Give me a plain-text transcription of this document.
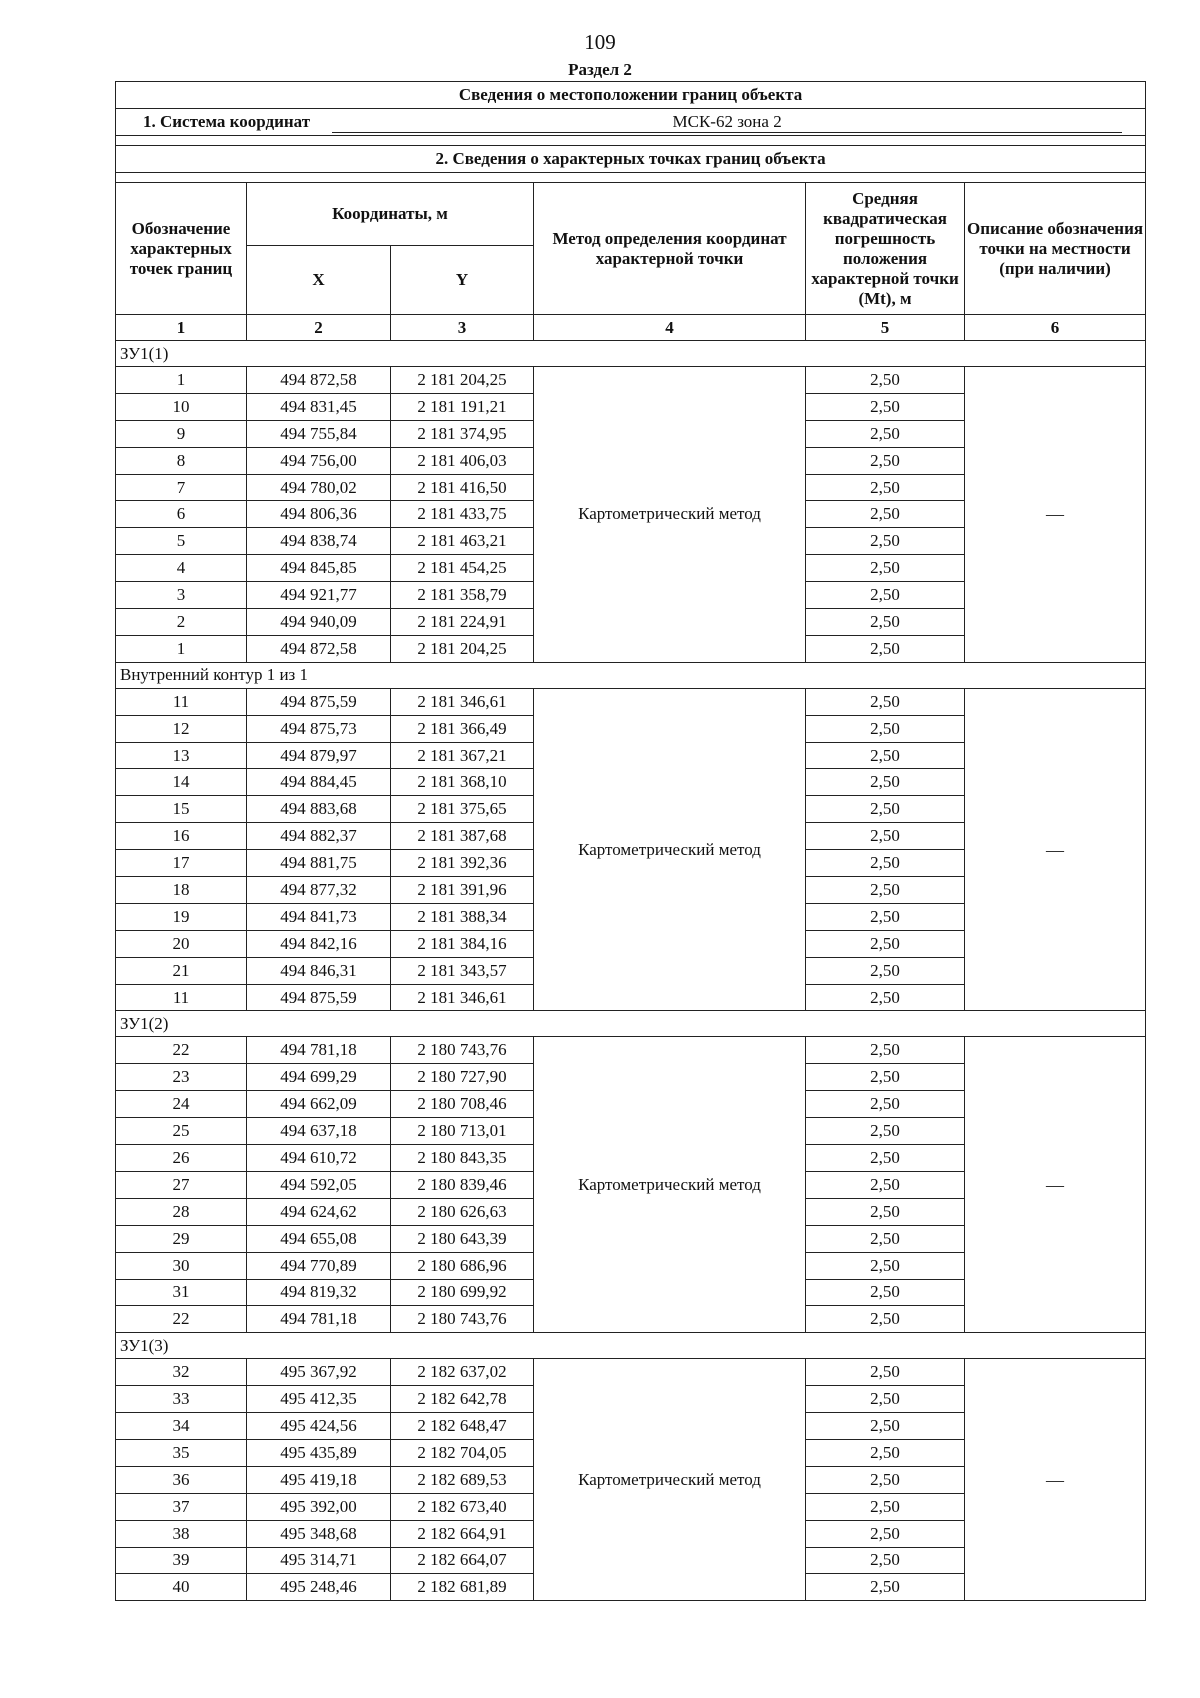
109
Раздел 2
Сведения о местоположении границ объекта					
1. Система координат МСК-62 зона 2					

2. Сведения о характерных точках границ объекта					

Обозначение характерных точек границ	Координаты, м		Метод определения координат характерной точки	Средняя квадратическая погрешность положения характерной точки (Mt), м	Описание обозначения точки на местности (при наличии)
	X	Y			
1	2	3	4	5	6
ЗУ1(1)					
1	494 872,58	2 181 204,25	Картометрический метод	2,50	—
10	494 831,45	2 181 191,21		2,50	
9	494 755,84	2 181 374,95		2,50	
8	494 756,00	2 181 406,03		2,50	
7	494 780,02	2 181 416,50		2,50	
6	494 806,36	2 181 433,75		2,50	
5	494 838,74	2 181 463,21		2,50	
4	494 845,85	2 181 454,25		2,50	
3	494 921,77	2 181 358,79		2,50	
2	494 940,09	2 181 224,91		2,50	
1	494 872,58	2 181 204,25		2,50	
Внутренний контур 1 из 1					
11	494 875,59	2 181 346,61	Картометрический метод	2,50	—
12	494 875,73	2 181 366,49		2,50	
13	494 879,97	2 181 367,21		2,50	
14	494 884,45	2 181 368,10		2,50	
15	494 883,68	2 181 375,65		2,50	
16	494 882,37	2 181 387,68		2,50	
17	494 881,75	2 181 392,36		2,50	
18	494 877,32	2 181 391,96		2,50	
19	494 841,73	2 181 388,34		2,50	
20	494 842,16	2 181 384,16		2,50	
21	494 846,31	2 181 343,57		2,50	
11	494 875,59	2 181 346,61		2,50	
ЗУ1(2)					
22	494 781,18	2 180 743,76	Картометрический метод	2,50	—
23	494 699,29	2 180 727,90		2,50	
24	494 662,09	2 180 708,46		2,50	
25	494 637,18	2 180 713,01		2,50	
26	494 610,72	2 180 843,35		2,50	
27	494 592,05	2 180 839,46		2,50	
28	494 624,62	2 180 626,63		2,50	
29	494 655,08	2 180 643,39		2,50	
30	494 770,89	2 180 686,96		2,50	
31	494 819,32	2 180 699,92		2,50	
22	494 781,18	2 180 743,76		2,50	
ЗУ1(3)					
32	495 367,92	2 182 637,02	Картометрический метод	2,50	—
33	495 412,35	2 182 642,78		2,50	
34	495 424,56	2 182 648,47		2,50	
35	495 435,89	2 182 704,05		2,50	
36	495 419,18	2 182 689,53		2,50	
37	495 392,00	2 182 673,40		2,50	
38	495 348,68	2 182 664,91		2,50	
39	495 314,71	2 182 664,07		2,50	
40	495 248,46	2 182 681,89		2,50	
